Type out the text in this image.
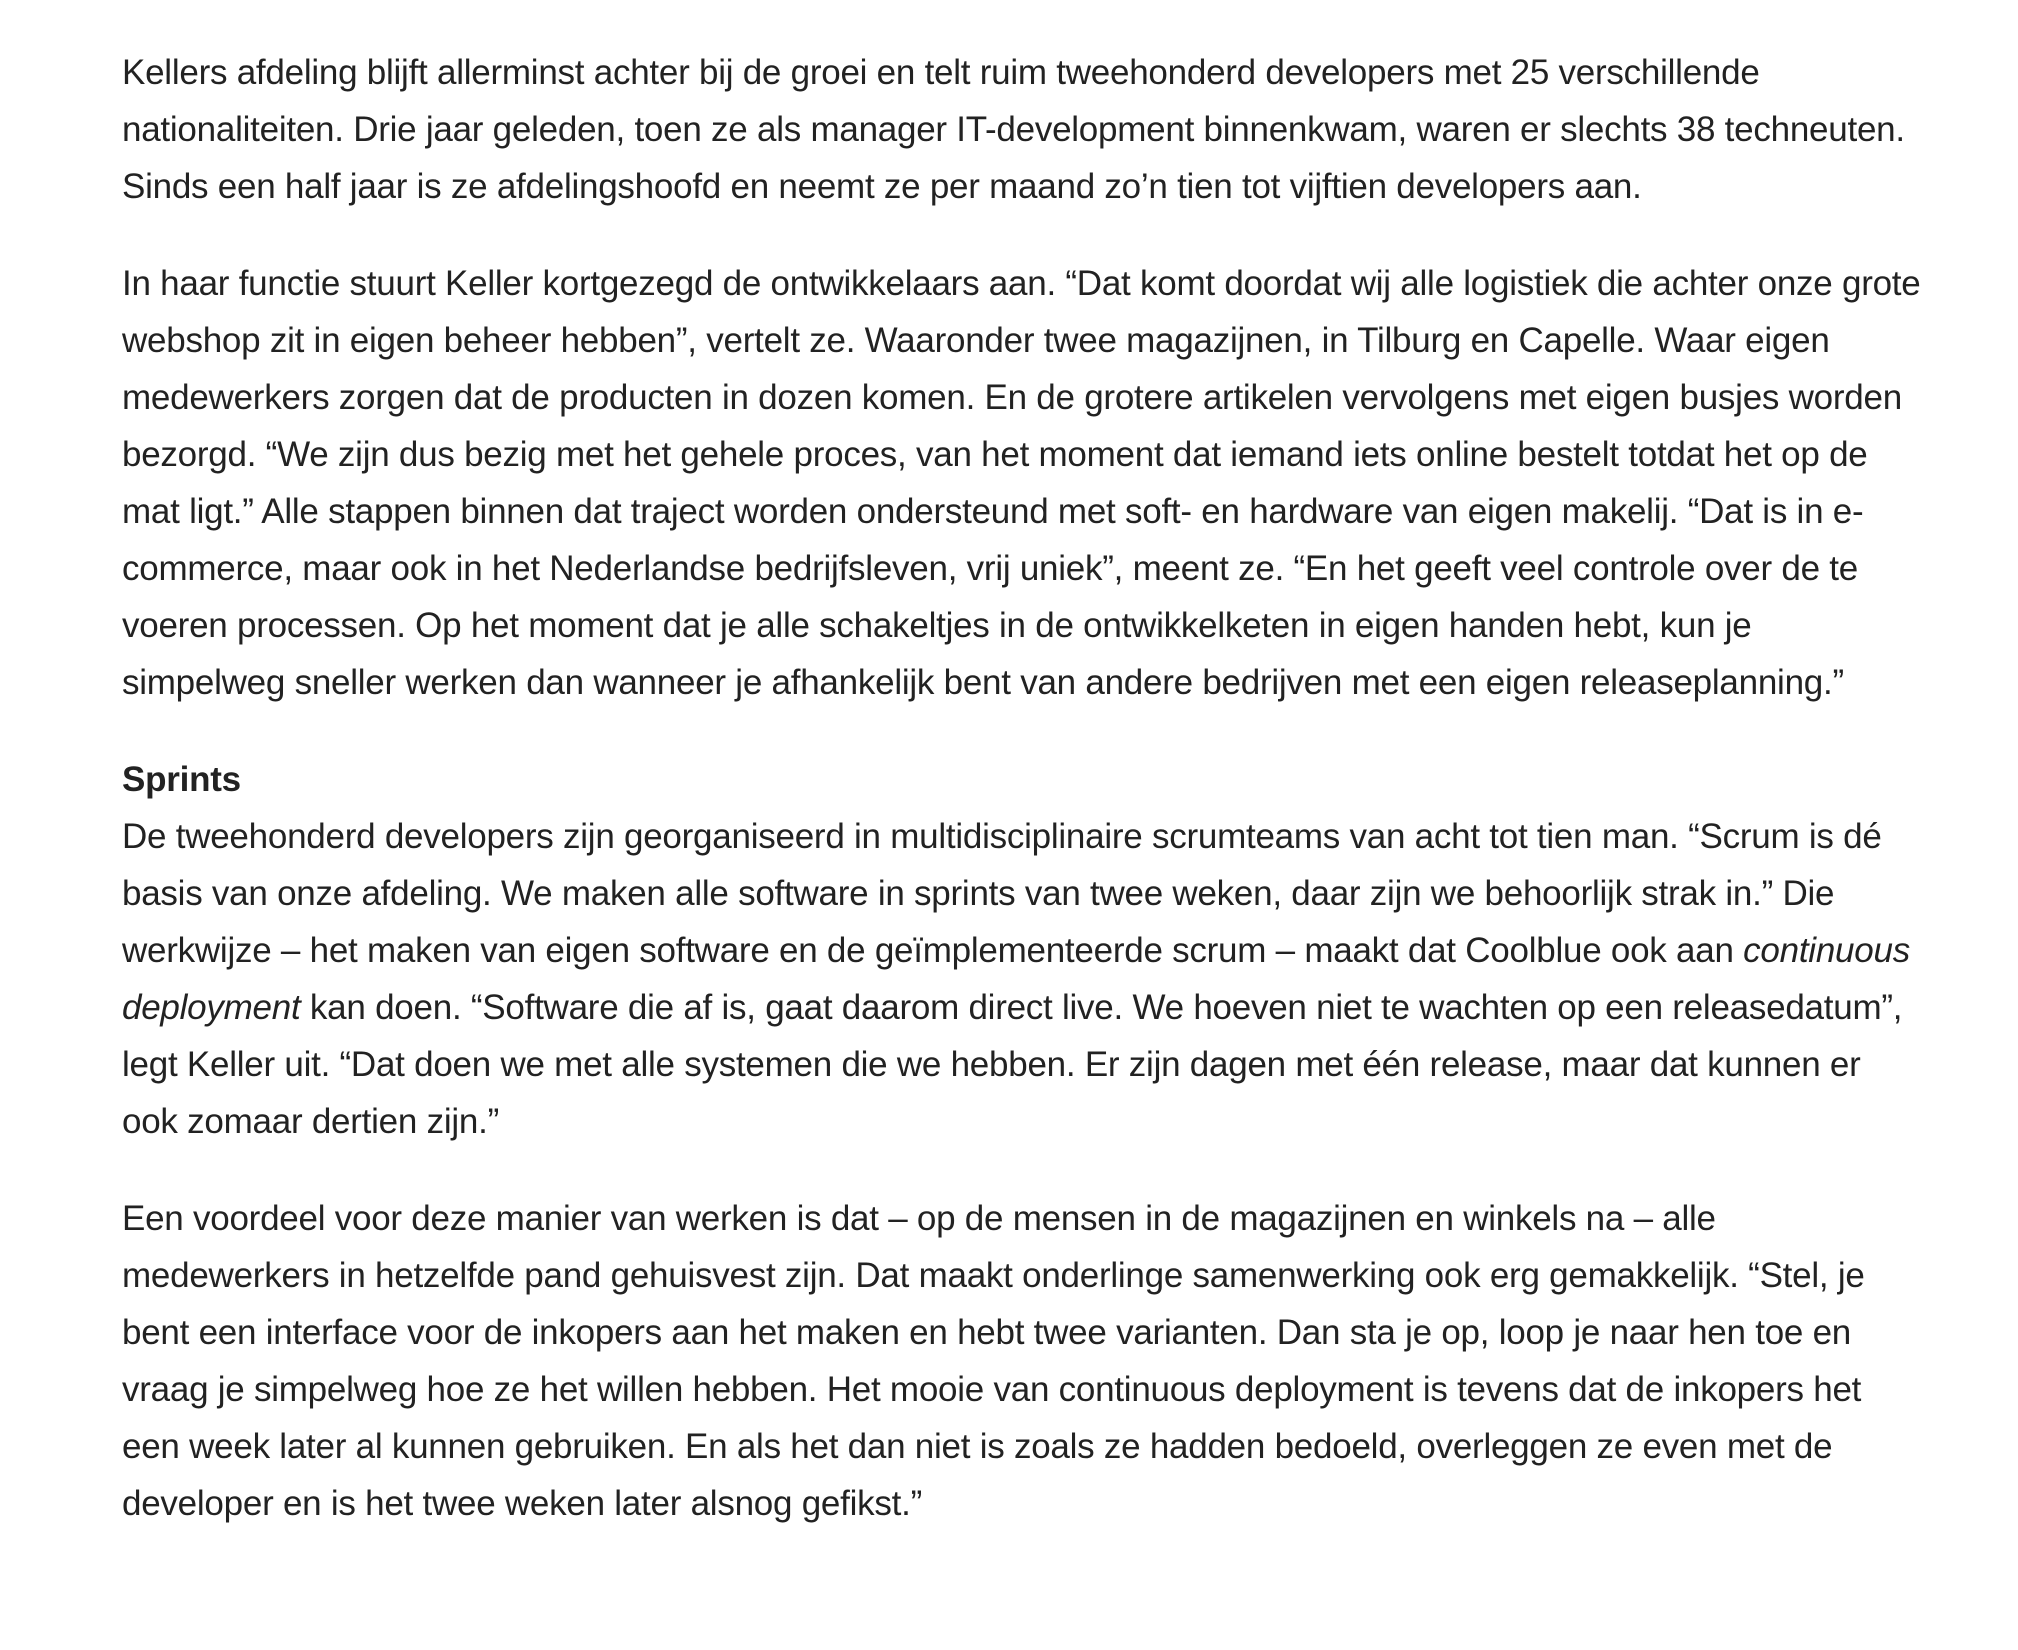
Kellers afdeling blijft allerminst achter bij de groei en telt ruim tweehonderd developers met 25 verschillende nationaliteiten. Drie jaar geleden, toen ze als manager IT-development binnenkwam, waren er slechts 38 techneuten. Sinds een half jaar is ze afdelingshoofd en neemt ze per maand zo’n tien tot vijftien developers aan.

In haar functie stuurt Keller kortgezegd de ontwikkelaars aan. “Dat komt doordat wij alle logistiek die achter onze grote webshop zit in eigen beheer hebben”, vertelt ze. Waaronder twee magazijnen, in Tilburg en Capelle. Waar eigen medewerkers zorgen dat de producten in dozen komen. En de grotere artikelen vervolgens met eigen busjes worden bezorgd. “We zijn dus bezig met het gehele proces, van het moment dat iemand iets online bestelt totdat het op de mat ligt.” Alle stappen binnen dat traject worden ondersteund met soft- en hardware van eigen makelij. “Dat is in e-commerce, maar ook in het Nederlandse bedrijfsleven, vrij uniek”, meent ze. “En het geeft veel controle over de te voeren processen. Op het moment dat je alle schakeltjes in de ontwikkelketen in eigen handen hebt, kun je simpelweg sneller werken dan wanneer je afhankelijk bent van andere bedrijven met een eigen releaseplanning.”

Sprints

De tweehonderd developers zijn georganiseerd in multidisciplinaire scrumteams van acht tot tien man. “Scrum is dé basis van onze afdeling. We maken alle software in sprints van twee weken, daar zijn we behoorlijk strak in.” Die werkwijze – het maken van eigen software en de geïmplementeerde scrum – maakt dat Coolblue ook aan continuous deployment kan doen. “Software die af is, gaat daarom direct live. We hoeven niet te wachten op een releasedatum”, legt Keller uit. “Dat doen we met alle systemen die we hebben. Er zijn dagen met één release, maar dat kunnen er ook zomaar dertien zijn.”

Een voordeel voor deze manier van werken is dat – op de mensen in de magazijnen en winkels na – alle medewerkers in hetzelfde pand gehuisvest zijn. Dat maakt onderlinge samenwerking ook erg gemakkelijk. “Stel, je bent een interface voor de inkopers aan het maken en hebt twee varianten. Dan sta je op, loop je naar hen toe en vraag je simpelweg hoe ze het willen hebben. Het mooie van continuous deployment is tevens dat de inkopers het een week later al kunnen gebruiken. En als het dan niet is zoals ze hadden bedoeld, overleggen ze even met de developer en is het twee weken later alsnog gefikst.”
